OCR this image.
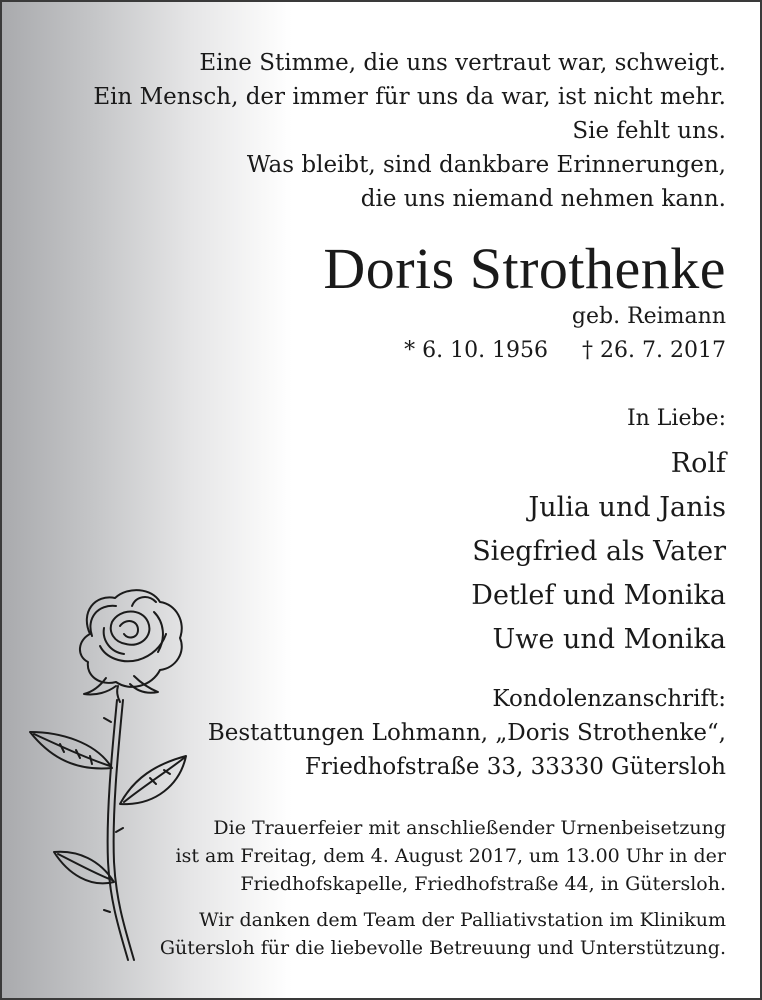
Eine Stimme, die uns vertraut war, schweigt.
Ein Mensch, der immer für uns da war, ist nicht mehr.
Sie fehlt uns.
Was bleibt, sind dankbare Erinnerungen,
die uns niemand nehmen kann.
Doris Strothenke
geb. Reimann
* 6. 10. 1956 † 26. 7. 2017
In Liebe:
Rolf
Julia und Janis
Siegfried als Vater
Detlef und Monika
Uwe und Monika
Kondolenzanschrift:
Bestattungen Lohmann, „Doris Strothenke“,
Friedhofstraße 33, 33330 Gütersloh
Die Trauerfeier mit anschließender Urnenbeisetzung
ist am Freitag, dem 4. August 2017, um 13.00 Uhr in der
Friedhofskapelle, Friedhofstraße 44, in Gütersloh.
Wir danken dem Team der Palliativstation im Klinikum
Gütersloh für die liebevolle Betreuung und Unterstützung.
